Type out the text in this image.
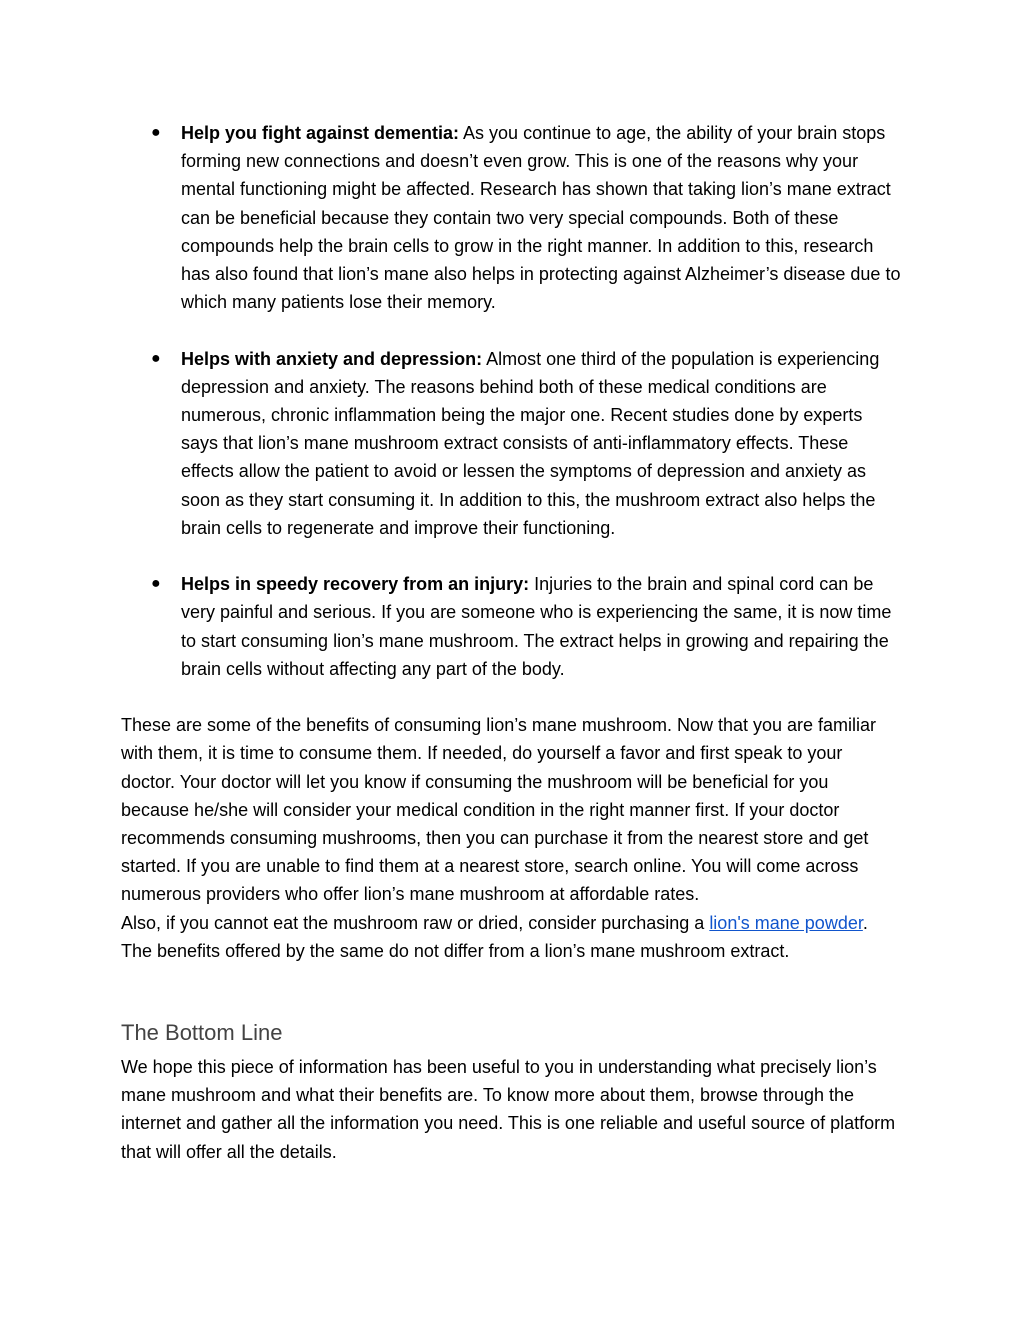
● Help you fight against dementia: As you continue to age, the ability of your brain stops forming new connections and doesn’t even grow. This is one of the reasons why your mental functioning might be affected. Research has shown that taking lion’s mane extract can be beneficial because they contain two very special compounds. Both of these compounds help the brain cells to grow in the right manner. In addition to this, research has also found that lion’s mane also helps in protecting against Alzheimer’s disease due to which many patients lose their memory.
● Helps with anxiety and depression: Almost one third of the population is experiencing depression and anxiety. The reasons behind both of these medical conditions are numerous, chronic inflammation being the major one. Recent studies done by experts says that lion’s mane mushroom extract consists of anti-inflammatory effects. These effects allow the patient to avoid or lessen the symptoms of depression and anxiety as soon as they start consuming it. In addition to this, the mushroom extract also helps the brain cells to regenerate and improve their functioning.
● Helps in speedy recovery from an injury: Injuries to the brain and spinal cord can be very painful and serious. If you are someone who is experiencing the same, it is now time to start consuming lion’s mane mushroom. The extract helps in growing and repairing the brain cells without affecting any part of the body.

These are some of the benefits of consuming lion’s mane mushroom. Now that you are familiar with them, it is time to consume them. If needed, do yourself a favor and first speak to your doctor. Your doctor will let you know if consuming the mushroom will be beneficial for you because he/she will consider your medical condition in the right manner first. If your doctor recommends consuming mushrooms, then you can purchase it from the nearest store and get started. If you are unable to find them at a nearest store, search online. You will come across numerous providers who offer lion’s mane mushroom at affordable rates.

Also, if you cannot eat the mushroom raw or dried, consider purchasing a lion's mane powder. The benefits offered by the same do not differ from a lion’s mane mushroom extract.

The Bottom Line

We hope this piece of information has been useful to you in understanding what precisely lion’s mane mushroom and what their benefits are. To know more about them, browse through the internet and gather all the information you need. This is one reliable and useful source of platform that will offer all the details.
